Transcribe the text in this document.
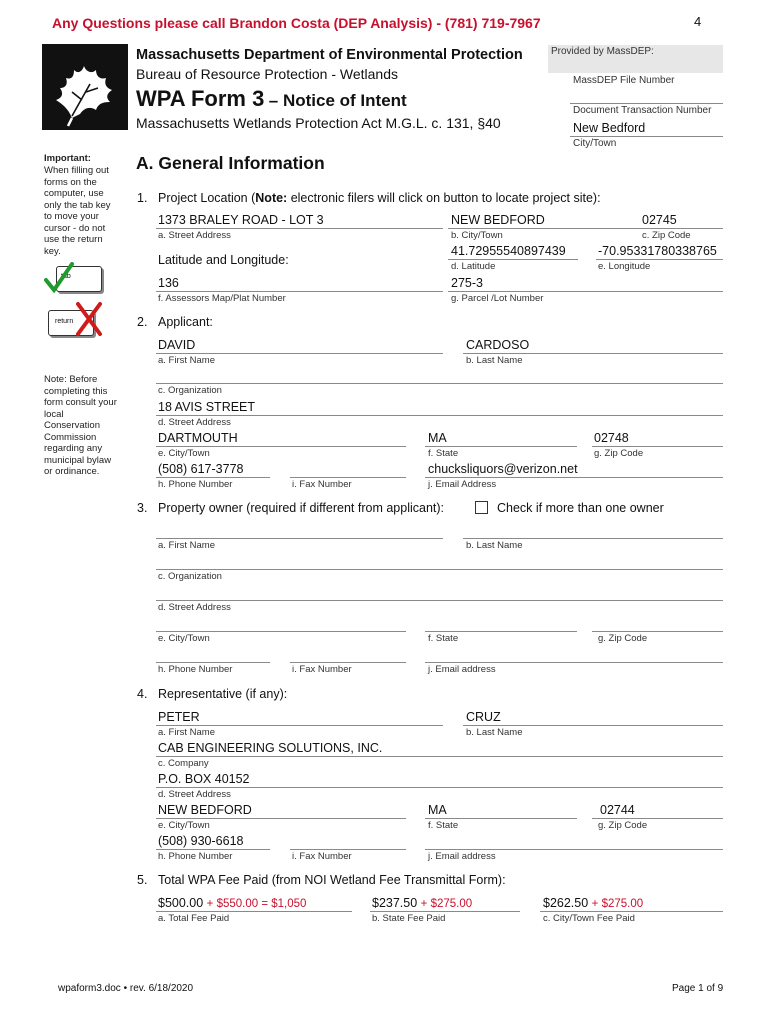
Any Questions please call Brandon Costa (DEP Analysis) - (781) 719-7967	4
Massachusetts Department of Environmental Protection
Bureau of Resource Protection - Wetlands
WPA Form 3 – Notice of Intent
Massachusetts Wetlands Protection Act M.G.L. c. 131, §40
Provided by MassDEP:
MassDEP File Number
Document Transaction Number
New Bedford
City/Town
Important:
When filling out forms on the computer, use only the tab key to move your cursor - do not use the return key.
tab
return
Note: Before completing this form consult your local Conservation Commission regarding any municipal bylaw or ordinance.
A. General Information
1. Project Location (Note: electronic filers will click on button to locate project site):
1373 BRALEY ROAD - LOT 3
a. Street Address
NEW BEDFORD	02745
b. City/Town	c. Zip Code
Latitude and Longitude:
41.72955540897439
d. Latitude
-70.95331780338765
e. Longitude
136
f. Assessors Map/Plat Number
275-3
g. Parcel /Lot Number
2. Applicant:
DAVID
a. First Name
CARDOSO
b. Last Name
c. Organization
18 AVIS STREET
d. Street Address
DARTMOUTH
e. City/Town
MA
f. State
02748
g. Zip Code
(508) 617-3778
h. Phone Number	i. Fax Number
chucksliquors@verizon.net
j. Email Address
3. Property owner (required if different from applicant):	Check if more than one owner
a. First Name	b. Last Name
c. Organization
d. Street Address
e. City/Town	f. State	g. Zip Code
h. Phone Number	i. Fax Number	j. Email address
4. Representative (if any):
PETER
a. First Name
CRUZ
b. Last Name
CAB ENGINEERING SOLUTIONS, INC.
c. Company
P.O. BOX 40152
d. Street Address
NEW BEDFORD
e. City/Town
MA
f. State
02744
g. Zip Code
(508) 930-6618
h. Phone Number	i. Fax Number	j. Email address
5. Total WPA Fee Paid (from NOI Wetland Fee Transmittal Form):
$500.00 + $550.00 = $1,050
a. Total Fee Paid
$237.50 + $275.00
b. State Fee Paid
$262.50 + $275.00
c. City/Town Fee Paid
wpaform3.doc • rev. 6/18/2020	Page 1 of 9
